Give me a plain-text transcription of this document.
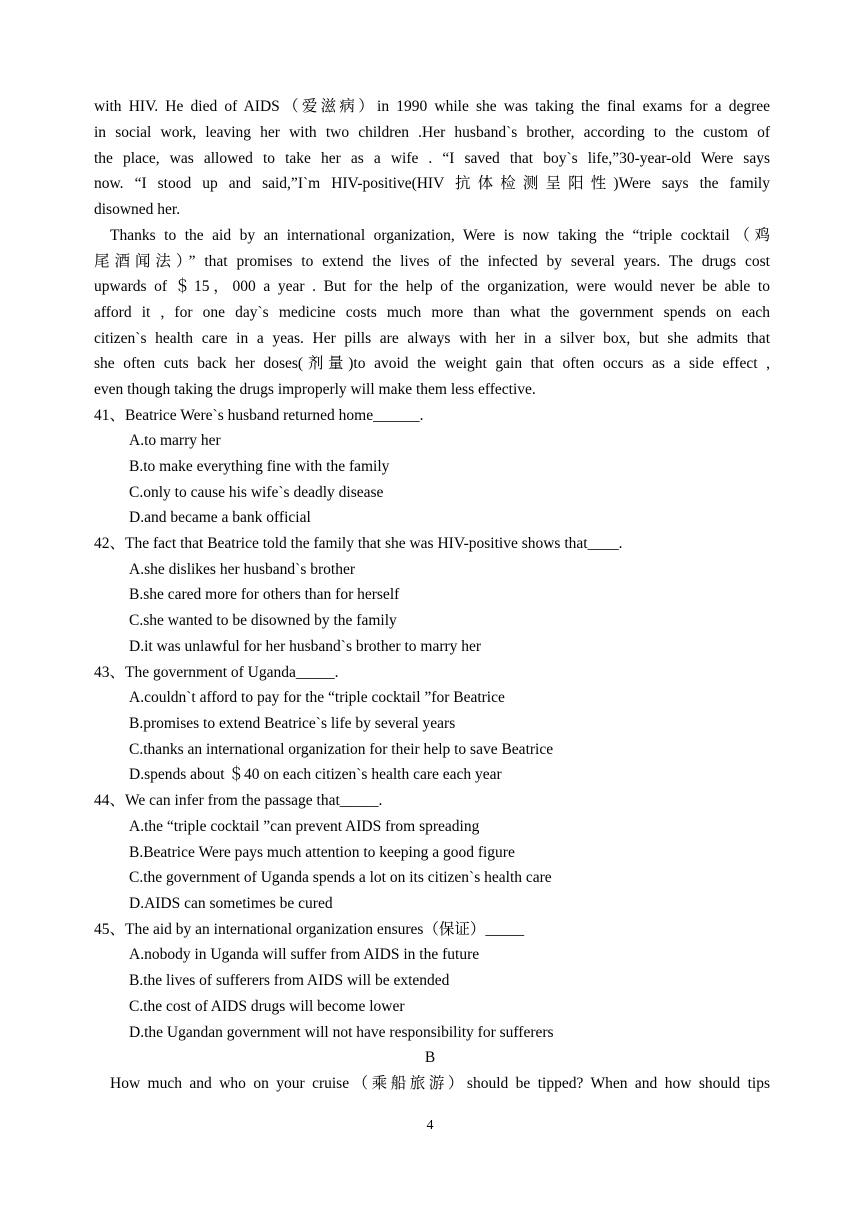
with HIV. He died of AIDS（爱滋病）in 1990 while she was taking the final exams for a degree
in social work, leaving her with two children .Her husband`s brother, according to the custom of
the place, was allowed to take her as a wife . “I saved that boy`s life,”30-year-old Were says
now. “I stood up and said,”I`m HIV-positive(HIV 抗体检测呈阳性)Were says the family
disowned her.
Thanks to the aid by an international organization, Were is now taking the “triple cocktail（鸡
尾酒闻法）” that promises to extend the lives of the infected by several years. The drugs cost
upwards of ＄15，000 a year . But for the help of the organization, were would never be able to
afford it , for one day`s medicine costs much more than what the government spends on each
citizen`s health care in a yeas. Her pills are always with her in a silver box, but she admits that
she often cuts back her doses(剂量)to avoid the weight gain that often occurs as a side effect ,
even though taking the drugs improperly will make them less effective.
41、Beatrice Were`s husband returned home______.
A.to marry her
B.to make everything fine with the family
C.only to cause his wife`s deadly disease
D.and became a bank official
42、The fact that Beatrice told the family that she was HIV-positive shows that____.
A.she dislikes her husband`s brother
B.she cared more for others than for herself
C.she wanted to be disowned by the family
D.it was unlawful for her husband`s brother to marry her
43、The government of Uganda_____.
A.couldn`t afford to pay for the “triple cocktail ”for Beatrice
B.promises to extend Beatrice`s life by several years
C.thanks an international organization for their help to save Beatrice
D.spends about ＄40 on each citizen`s health care each year
44、We can infer from the passage that_____.
A.the “triple cocktail ”can prevent AIDS from spreading
B.Beatrice Were pays much attention to keeping a good figure
C.the government of Uganda spends a lot on its citizen`s health care
D.AIDS can sometimes be cured
45、The aid by an international organization ensures（保证）_____
A.nobody in Uganda will suffer from AIDS in the future
B.the lives of sufferers from AIDS will be extended
C.the cost of AIDS drugs will become lower
D.the Ugandan government will not have responsibility for sufferers
B
How much and who on your cruise（乘船旅游）should be tipped? When and how should tips
4
